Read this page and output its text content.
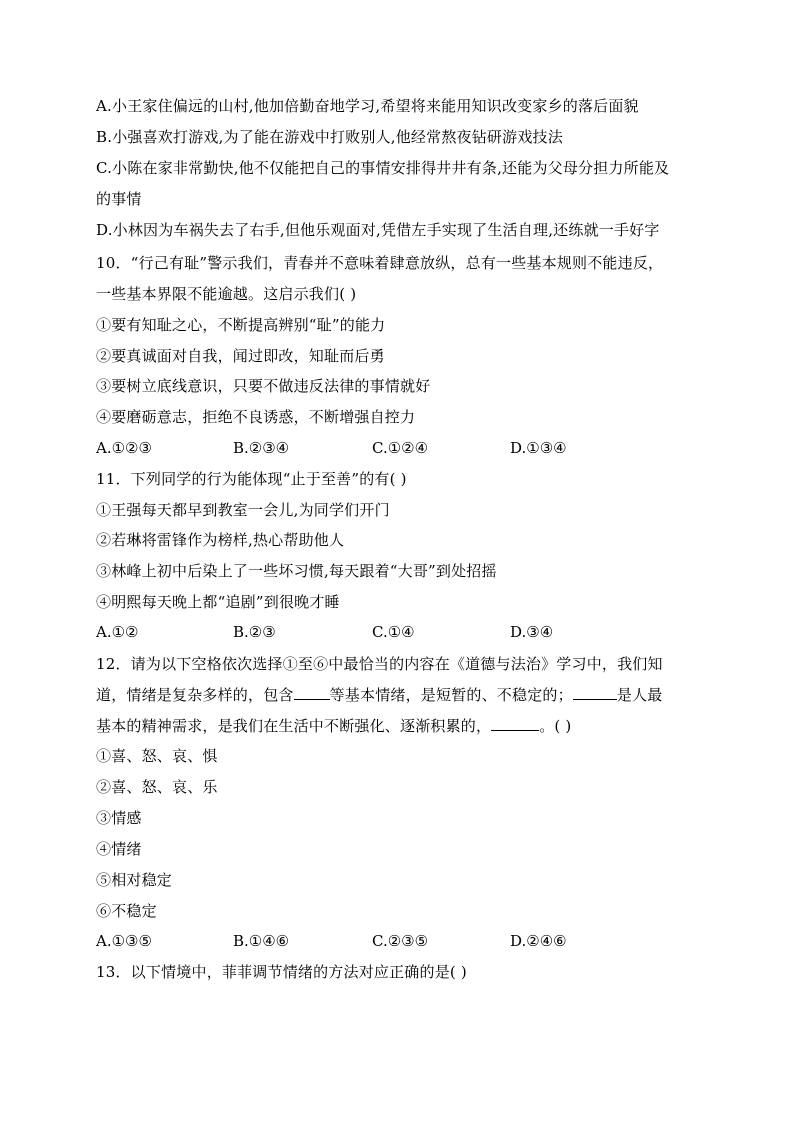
A.小王家住偏远的山村,他加倍勤奋地学习,希望将来能用知识改变家乡的落后面貌
B.小强喜欢打游戏,为了能在游戏中打败别人,他经常熬夜钻研游戏技法
C.小陈在家非常勤快,他不仅能把自己的事情安排得井井有条,还能为父母分担力所能及
的事情
D.小林因为车祸失去了右手,但他乐观面对,凭借左手实现了生活自理,还练就一手好字
10．“行己有耻”警示我们，青春并不意味着肆意放纵，总有一些基本规则不能违反，
一些基本界限不能逾越。这启示我们( )
①要有知耻之心，不断提高辨别“耻”的能力
②要真诚面对自我，闻过即改，知耻而后勇
③要树立底线意识，只要不做违反法律的事情就好
④要磨砺意志，拒绝不良诱惑，不断增强自控力
A.①②③	B.②③④	C.①②④	D.①③④
11．下列同学的行为能体现“止于至善”的有( )
①王强每天都早到教室一会儿,为同学们开门
②若琳将雷锋作为榜样,热心帮助他人
③林峰上初中后染上了一些坏习惯,每天跟着“大哥”到处招摇
④明熙每天晚上都“追剧”到很晚才睡
A.①②	B.②③	C.①④	D.③④
12．请为以下空格依次选择①至⑥中最恰当的内容在《道德与法治》学习中，我们知
道，情绪是复杂多样的，包含 等基本情绪，是短暂的、不稳定的；	是人最
基本的精神需求，是我们在生活中不断强化、逐渐积累的，	。( )
①喜、怒、哀、惧
②喜、怒、哀、乐
③情感
④情绪
⑤相对稳定
⑥不稳定
A.①③⑤	B.①④⑥	C.②③⑤	D.②④⑥
13．以下情境中，菲菲调节情绪的方法对应正确的是( )
